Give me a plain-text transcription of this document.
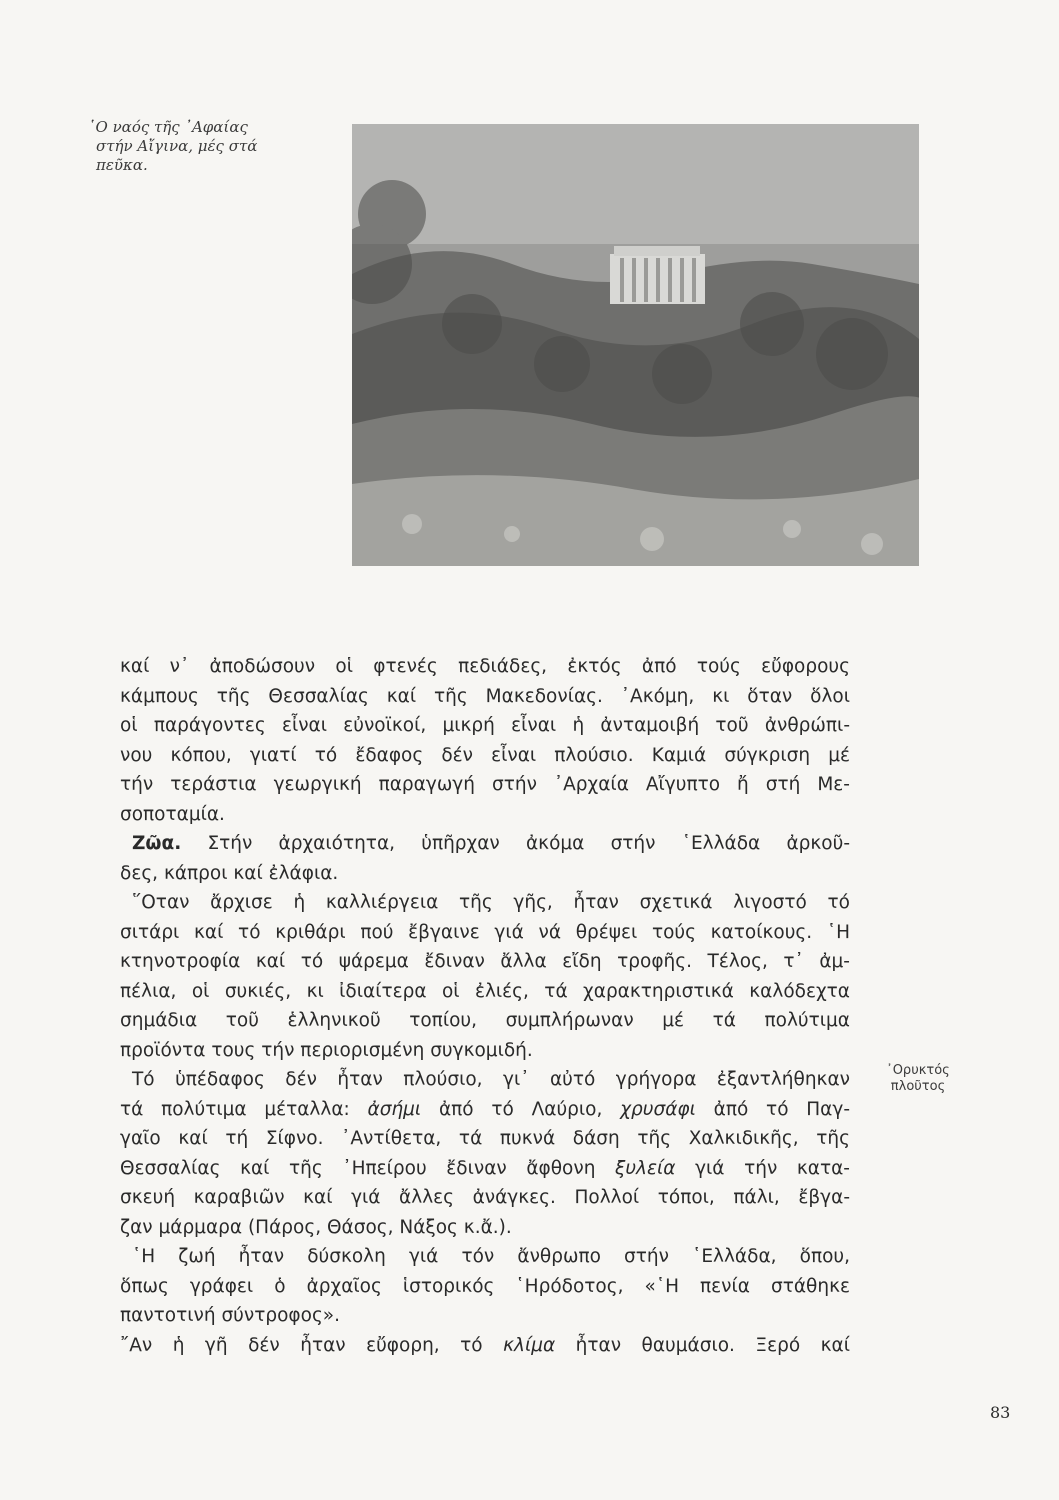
῾Ο ναός τῆς ᾿Αφαίας
στήν Αἴγινα, μές στά
πεῦκα.
καί ν᾿ ἀποδώσουν οἱ φτενές πεδιάδες, ἐκτός ἀπό τούς εὔφορους
κάμπους τῆς Θεσσαλίας καί τῆς Μακεδονίας. ᾿Ακόμη, κι ὅταν ὅλοι
οἱ παράγοντες εἶναι εὐνοϊκοί, μικρή εἶναι ἡ ἀνταμοιβή τοῦ ἀνθρώπι-
νου κόπου, γιατί τό ἔδαφος δέν εἶναι πλούσιο. Καμιά σύγκριση μέ
τήν τεράστια γεωργική παραγωγή στήν ᾿Αρχαία Αἴγυπτο ἤ στή Με-
σοποταμία.
Ζῶα. Στήν ἀρχαιότητα, ὑπῆρχαν ἀκόμα στήν ῾Ελλάδα ἀρκοῦ-
δες, κάπροι καί ἐλάφια.
῞Οταν ἄρχισε ἡ καλλιέργεια τῆς γῆς, ἦταν σχετικά λιγοστό τό
σιτάρι καί τό κριθάρι πού ἔβγαινε γιά νά θρέψει τούς κατοίκους. ῾Η
κτηνοτροφία καί τό ψάρεμα ἔδιναν ἄλλα εἴδη τροφῆς. Τέλος, τ᾿ ἀμ-
πέλια, οἱ συκιές, κι ἰδιαίτερα οἱ ἐλιές, τά χαρακτηριστικά καλόδεχτα
σημάδια τοῦ ἑλληνικοῦ τοπίου, συμπλήρωναν μέ τά πολύτιμα
προϊόντα τους τήν περιορισμένη συγκομιδή.
Τό ὑπέδαφος δέν ἦταν πλούσιο, γι᾿ αὐτό γρήγορα ἐξαντλήθηκαν
τά πολύτιμα μέταλλα: ἀσήμι ἀπό τό Λαύριο, χρυσάφι ἀπό τό Παγ-
γαῖο καί τή Σίφνο. ᾿Αντίθετα, τά πυκνά δάση τῆς Χαλκιδικῆς, τῆς
Θεσσαλίας καί τῆς ᾿Ηπείρου ἔδιναν ἄφθονη ξυλεία γιά τήν κατα-
σκευή καραβιῶν καί γιά ἄλλες ἀνάγκες. Πολλοί τόποι, πάλι, ἔβγα-
ζαν μάρμαρα (Πάρος, Θάσος, Νάξος κ.ἄ.).
῾Η ζωή ἦταν δύσκολη γιά τόν ἄνθρωπο στήν ῾Ελλάδα, ὅπου,
ὅπως γράφει ὁ ἀρχαῖος ἱστορικός ῾Ηρόδοτος, «῾Η πενία στάθηκε
παντοτινή σύντροφος».
῎Αν ἡ γῆ δέν ἦταν εὔφορη, τό κλίμα ἦταν θαυμάσιο. Ξερό καί
᾿Ορυκτός
πλοῦτος
83
